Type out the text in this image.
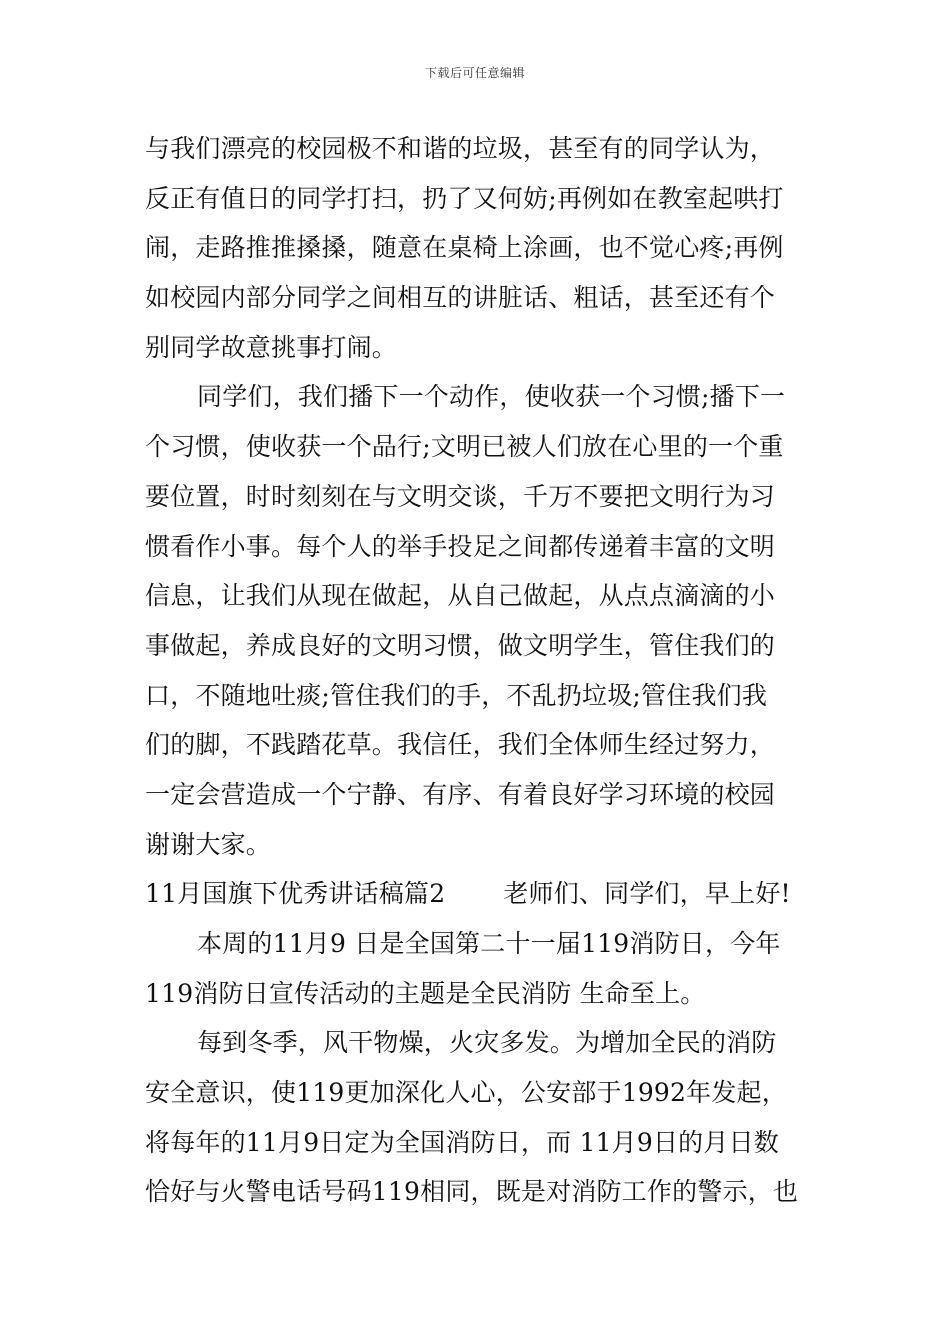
下载后可任意编辑
与我们漂亮的校园极不和谐的垃圾，甚至有的同学认为，
反正有值日的同学打扫，扔了又何妨;再例如在教室起哄打
闹，走路推推搡搡，随意在桌椅上涂画，也不觉心疼;再例
如校园内部分同学之间相互的讲脏话、粗话，甚至还有个
别同学故意挑事打闹。
同学们，我们播下一个动作，使收获一个习惯;播下一
个习惯，使收获一个品行;文明已被人们放在心里的一个重
要位置，时时刻刻在与文明交谈，千万不要把文明行为习
惯看作小事。每个人的举手投足之间都传递着丰富的文明
信息，让我们从现在做起，从自己做起，从点点滴滴的小
事做起，养成良好的文明习惯，做文明学生，管住我们的
口，不随地吐痰;管住我们的手，不乱扔垃圾;管住我们我
们的脚，不践踏花草。我信任，我们全体师生经过努力，
一定会营造成一个宁静、有序、有着良好学习环境的校园
谢谢大家。
11月国旗下优秀讲话稿篇2 老师们、同学们，早上好!
本周的11月9 日是全国第二十一届119消防日，今年
119消防日宣传活动的主题是全民消防 生命至上。
每到冬季，风干物燥，火灾多发。为增加全民的消防
安全意识，使119更加深化人心，公安部于1992年发起，
将每年的11月9日定为全国消防日，而 11月9日的月日数
恰好与火警电话号码119相同，既是对消防工作的警示，也
